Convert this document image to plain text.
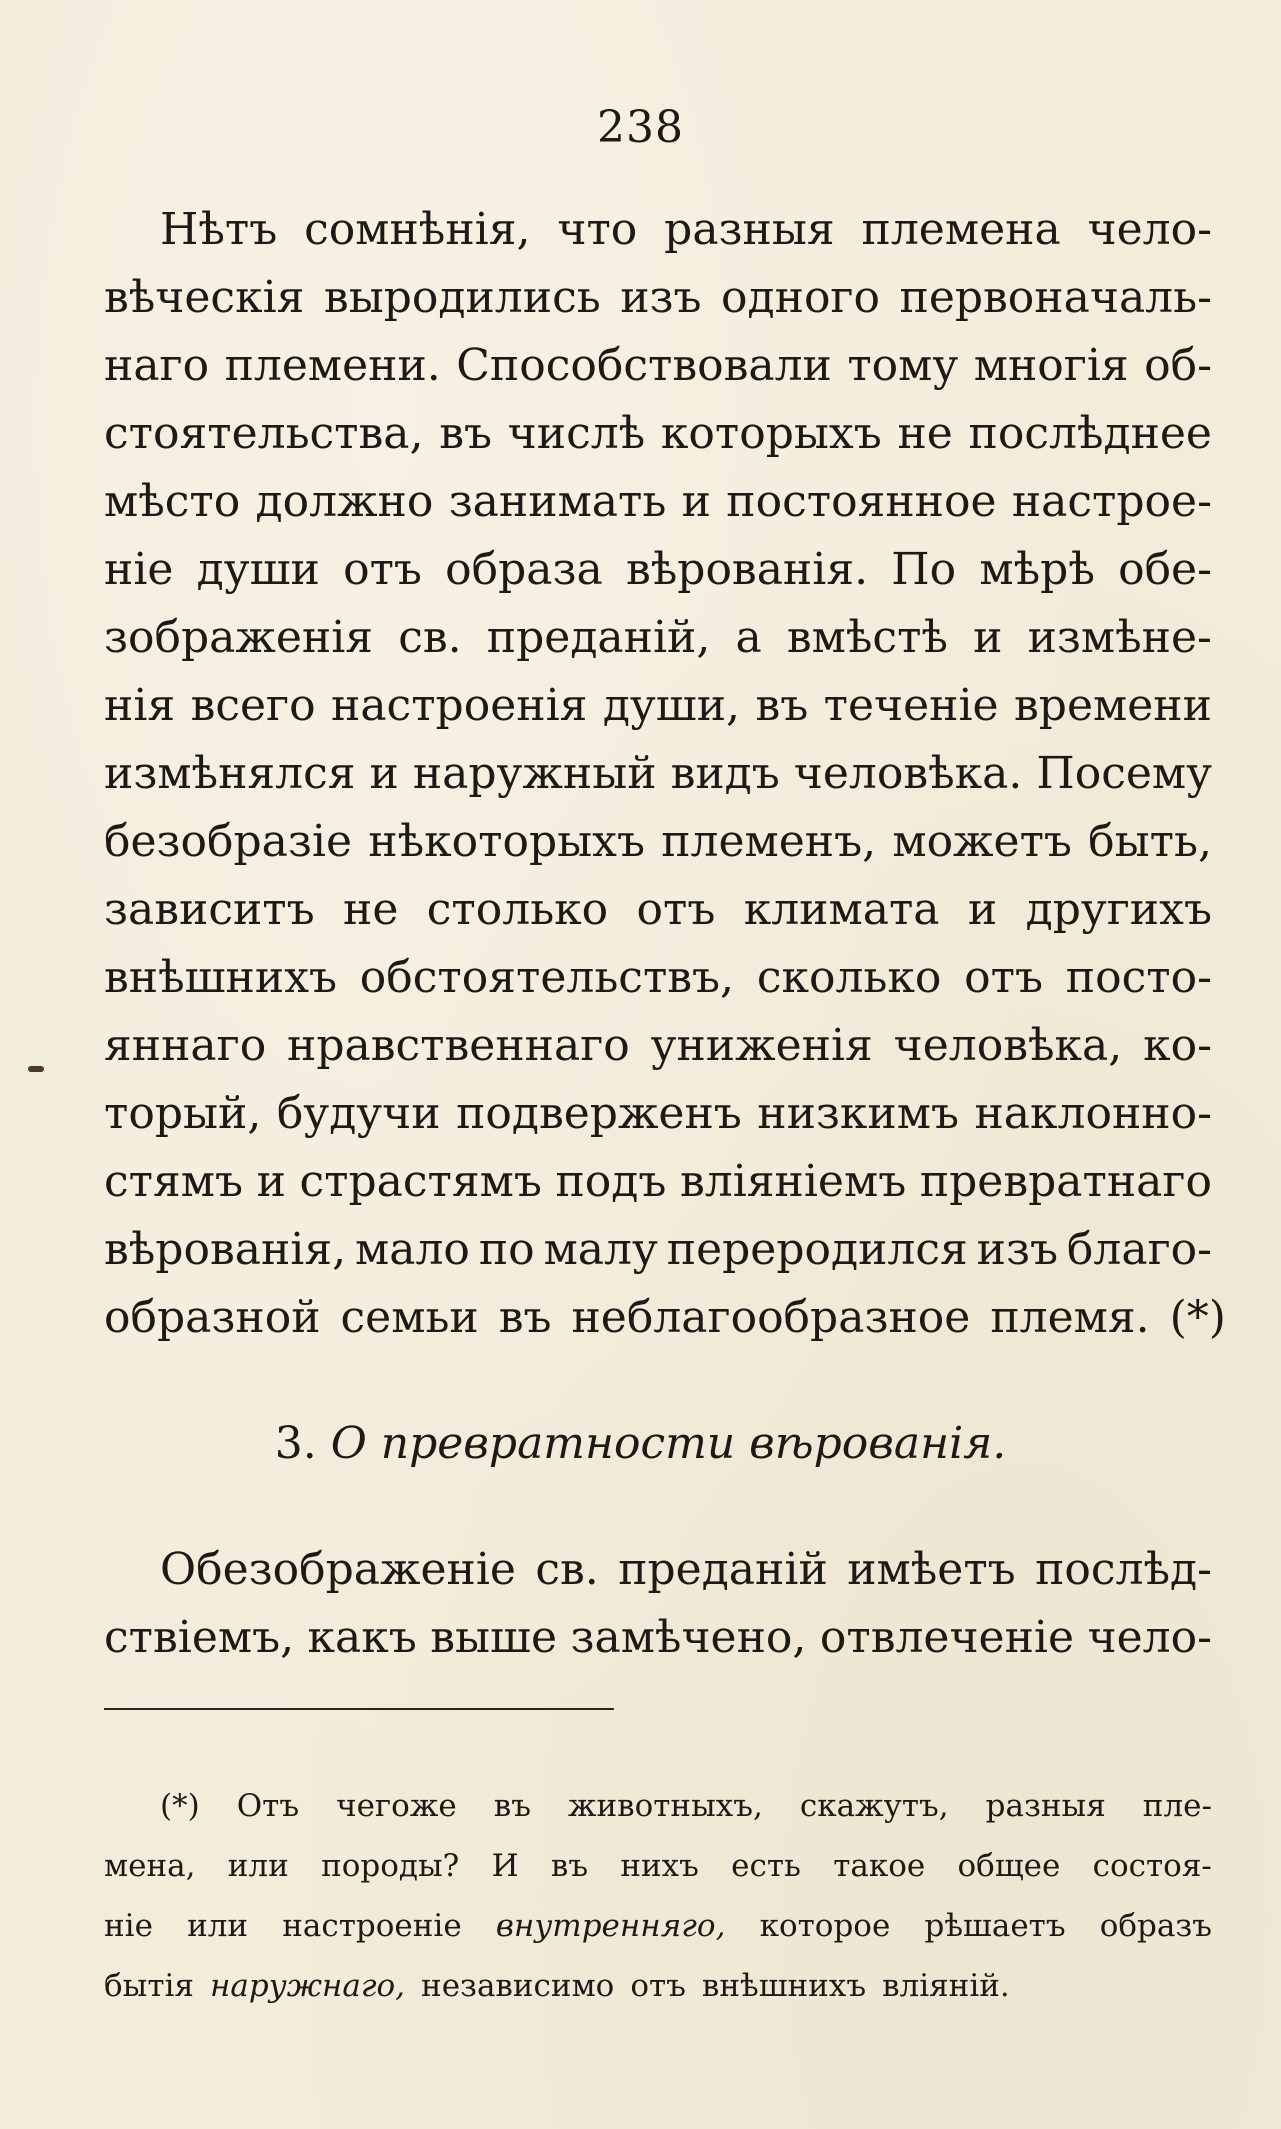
238
Нѣтъ сомнѣнія, что разныя племена чело-
вѣческія выродились изъ одного первоначаль-
наго племени. Способствовали тому многія об-
стоятельства, въ числѣ которыхъ не послѣднее
мѣсто должно занимать и постоянное настрое-
ніе души отъ образа вѣрованія. По мѣрѣ обе-
зображенія св. преданій, а вмѣстѣ и измѣне-
нія всего настроенія души, въ теченіе времени
измѣнялся и наружный видъ человѣка. Посему
безобразіе нѣкоторыхъ племенъ, можетъ быть,
зависитъ не столько отъ климата и другихъ
внѣшнихъ обстоятельствъ, сколько отъ посто-
яннаго нравственнаго униженія человѣка, ко-
торый, будучи подверженъ низкимъ наклонно-
стямъ и страстямъ подъ вліяніемъ превратнаго
вѣрованія, мало по малу переродился изъ благо-
образной семьи въ неблагообразное племя. (*)
3. О превратности вѣрованія.
Обезображеніе св. преданій имѣетъ послѣд-
ствіемъ, какъ выше замѣчено, отвлеченіе чело-
(*) Отъ чегоже въ животныхъ, скажутъ, разныя пле-
мена, или породы? И въ нихъ есть такое общее состоя-
ніе или настроеніе внутренняго, которое рѣшаетъ образъ
бытія наружнаго, независимо отъ внѣшнихъ вліяній.
